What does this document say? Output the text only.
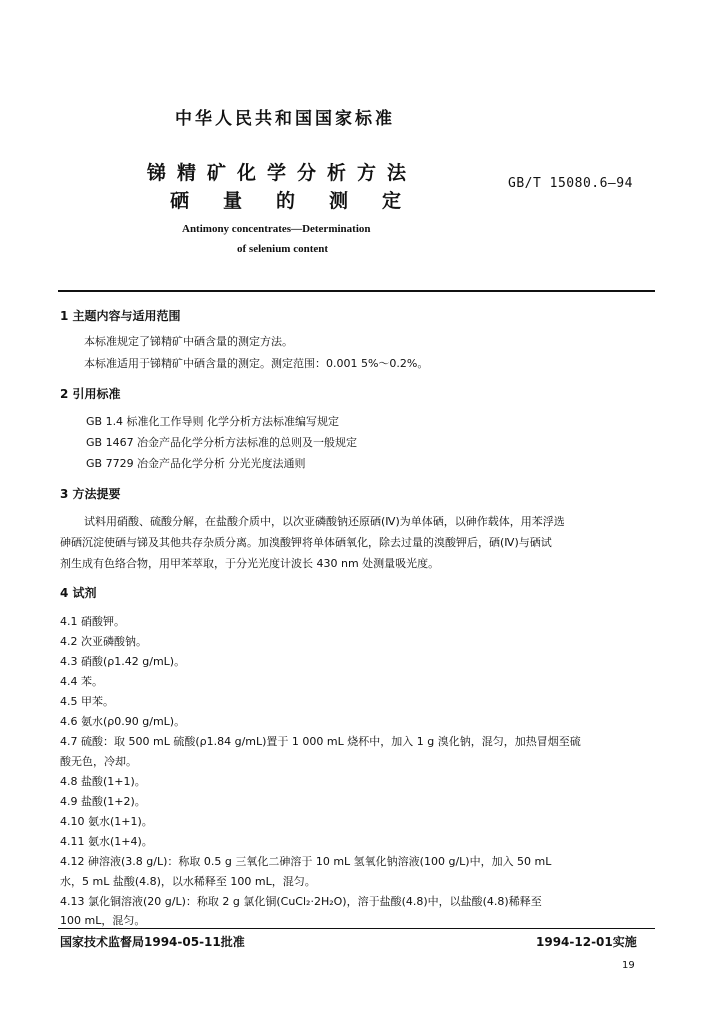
中华人民共和国国家标准
锑精矿化学分析方法
硒量的测定
GB/T 15080.6—94
Antimony concentrates—Determination
of selenium content
1 主题内容与适用范围
本标准规定了锑精矿中硒含量的测定方法。
本标准适用于锑精矿中硒含量的测定。测定范围：0.001 5%～0.2%。
2 引用标准
GB 1.4 标准化工作导则 化学分析方法标准编写规定
GB 1467 冶金产品化学分析方法标准的总则及一般规定
GB 7729 冶金产品化学分析 分光光度法通则
3 方法提要
试料用硝酸、硫酸分解，在盐酸介质中，以次亚磷酸钠还原硒(Ⅳ)为单体硒，以砷作载体，用苯浮选
砷硒沉淀使硒与锑及其他共存杂质分离。加溴酸钾将单体硒氧化，除去过量的溴酸钾后，硒(Ⅳ)与硒试
剂生成有色络合物，用甲苯萃取，于分光光度计波长 430 nm 处测量吸光度。
4 试剂
4.1 硝酸钾。
4.2 次亚磷酸钠。
4.3 硝酸(ρ1.42 g/mL)。
4.4 苯。
4.5 甲苯。
4.6 氨水(ρ0.90 g/mL)。
4.7 硫酸：取 500 mL 硫酸(ρ1.84 g/mL)置于 1 000 mL 烧杯中，加入 1 g 溴化钠，混匀，加热冒烟至硫
酸无色，冷却。
4.8 盐酸(1+1)。
4.9 盐酸(1+2)。
4.10 氨水(1+1)。
4.11 氨水(1+4)。
4.12 砷溶液(3.8 g/L)：称取 0.5 g 三氧化二砷溶于 10 mL 氢氧化钠溶液(100 g/L)中，加入 50 mL
水，5 mL 盐酸(4.8)，以水稀释至 100 mL，混匀。
4.13 氯化铜溶液(20 g/L)：称取 2 g 氯化铜(CuCl₂·2H₂O)，溶于盐酸(4.8)中，以盐酸(4.8)稀释至
100 mL，混匀。
国家技术监督局1994-05-11批准	1994-12-01实施
19
